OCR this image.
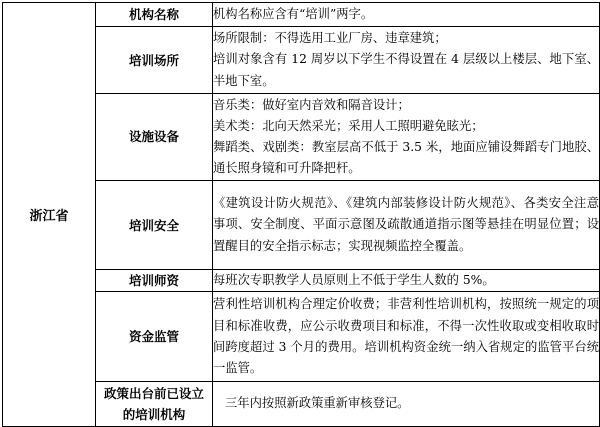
浙江省	机构名称	机构名称应含有“培训”两字。

	培训场所	场所限制：不得选用工业厂房、违章建筑；
培训对象含有 12 周岁以下学生不得设置在 4 层级以上楼层、地下室、半地下室。

	设施设备	音乐类：做好室内音效和隔音设计；
美术类：北向天然采光；采用人工照明避免眩光；
舞蹈类、戏剧类：教室层高不低于 3.5 米，地面应铺设舞蹈专门地胶、通长照身镜和可升降把杆。

	培训安全	《建筑设计防火规范》、《建筑内部装修设计防火规范》、各类安全注意事项、安全制度、平面示意图及疏散通道指示图等悬挂在明显位置；设置醒目的安全指示标志；实现视频监控全覆盖。

	培训师资	每班次专职教学人员原则上不低于学生人数的 5%。

	资金监管	营利性培训机构合理定价收费；非营利性培训机构，按照统一规定的项目和标准收费，应公示收费项目和标准，不得一次性收取或变相收取时间跨度超过 3 个月的费用。培训机构资金统一纳入省规定的监管平台统一监管。

	政策出台前已设立的培训机构	三年内按照新政策重新审核登记。
